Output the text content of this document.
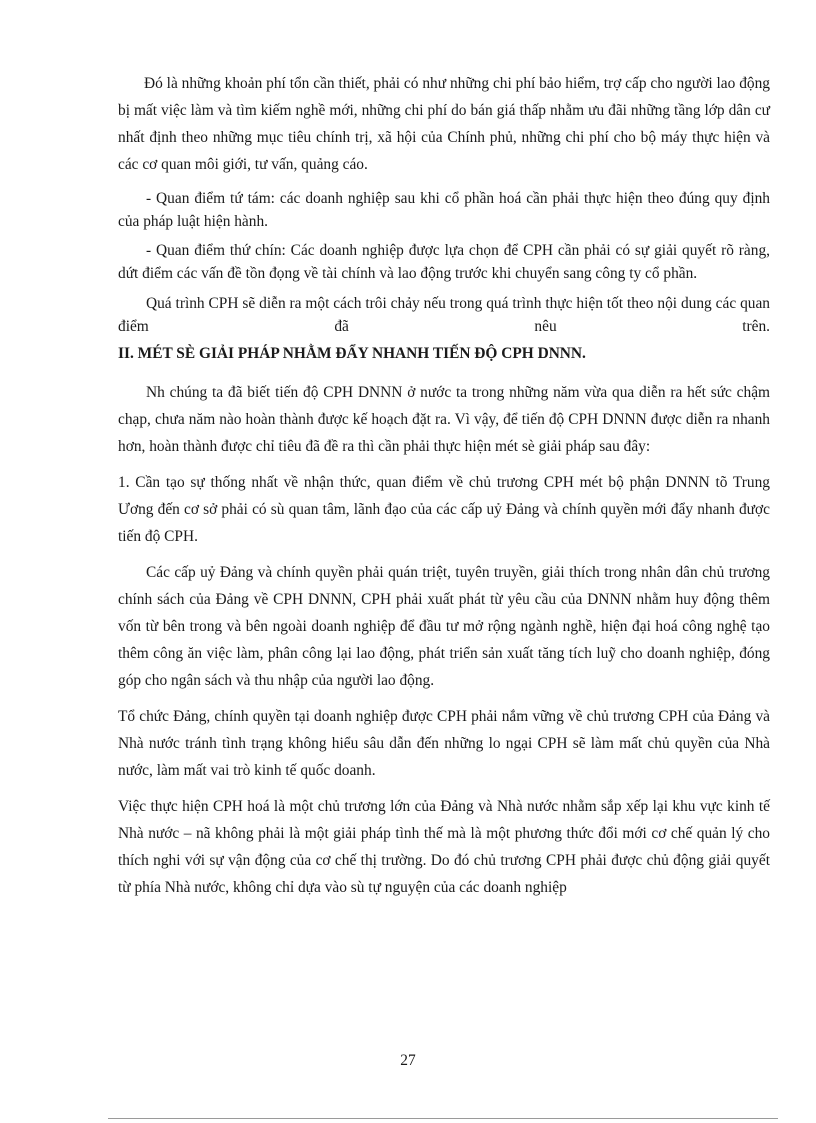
Đó là những khoản phí tổn cần thiết, phải có như những chi phí bảo hiểm, trợ cấp cho người lao động bị mất việc làm và tìm kiếm nghề mới, những chi phí do bán giá thấp nhằm ưu đãi những tầng lớp dân cư nhất định theo những mục tiêu chính trị, xã hội của Chính phủ, những chi phí cho bộ máy thực hiện và các cơ quan môi giới, tư vấn, quảng cáo.

- Quan điểm tứ tám: các doanh nghiệp sau khi cổ phần hoá cần phải thực hiện theo đúng quy định của pháp luật hiện hành.

- Quan điểm thứ chín: Các doanh nghiệp được lựa chọn để CPH cần phải có sự giải quyết rõ ràng, dứt điểm các vấn đề tồn đọng về tài chính và lao động trước khi chuyển sang công ty cổ phần.

Quá trình CPH sẽ diễn ra một cách trôi chảy nếu trong quá trình thực hiện tốt theo nội dung các quan điểm đã nêu trên.

II. MÉT SÈ GIẢI PHÁP NHẰM ĐẨY NHANH TIẾN ĐỘ CPH DNNN.

Nh chúng ta đã biết tiến độ CPH DNNN ở nước ta trong những năm vừa qua diễn ra hết sức chậm chạp, chưa năm nào hoàn thành được kế hoạch đặt ra. Vì vậy, để tiến độ CPH DNNN được diễn ra nhanh hơn, hoàn thành được chỉ tiêu đã đề ra thì cần phải thực hiện mét sè giải pháp sau đây:

1. Cần tạo sự thống nhất về nhận thức, quan điểm về chủ trương CPH mét bộ phận DNNN tõ Trung Ương đến cơ sở phải có sù quan tâm, lãnh đạo của các cấp uỷ Đảng và chính quyền mới đẩy nhanh được tiến độ CPH.

Các cấp uỷ Đảng và chính quyền phải quán triệt, tuyên truyền, giải thích trong nhân dân chủ trương chính sách của Đảng về CPH DNNN, CPH phải xuất phát từ yêu cầu của DNNN nhằm huy động thêm vốn từ bên trong và bên ngoài doanh nghiệp để đầu tư mở rộng ngành nghề, hiện đại hoá công nghệ tạo thêm công ăn việc làm, phân công lại lao động, phát triển sản xuất tăng tích luỹ cho doanh nghiệp, đóng góp cho ngân sách và thu nhập của người lao động.

Tổ chức Đảng, chính quyền tại doanh nghiệp được CPH phải nắm vững về chủ trương CPH của Đảng và Nhà nước tránh tình trạng không hiểu sâu dẫn đến những lo ngại CPH sẽ làm mất chủ quyền của Nhà nước, làm mất vai trò kinh tế quốc doanh.

Việc thực hiện CPH hoá là một chủ trương lớn của Đảng và Nhà nước nhằm sắp xếp lại khu vực kinh tế Nhà nước – nã không phải là một giải pháp tình thế mà là một phương thức đổi mới cơ chế quản lý cho thích nghi với sự vận động của cơ chế thị trường. Do đó chủ trương CPH phải được chủ động giải quyết từ phía Nhà nước, không chỉ dựa vào sù tự nguyện của các doanh nghiệp

27
